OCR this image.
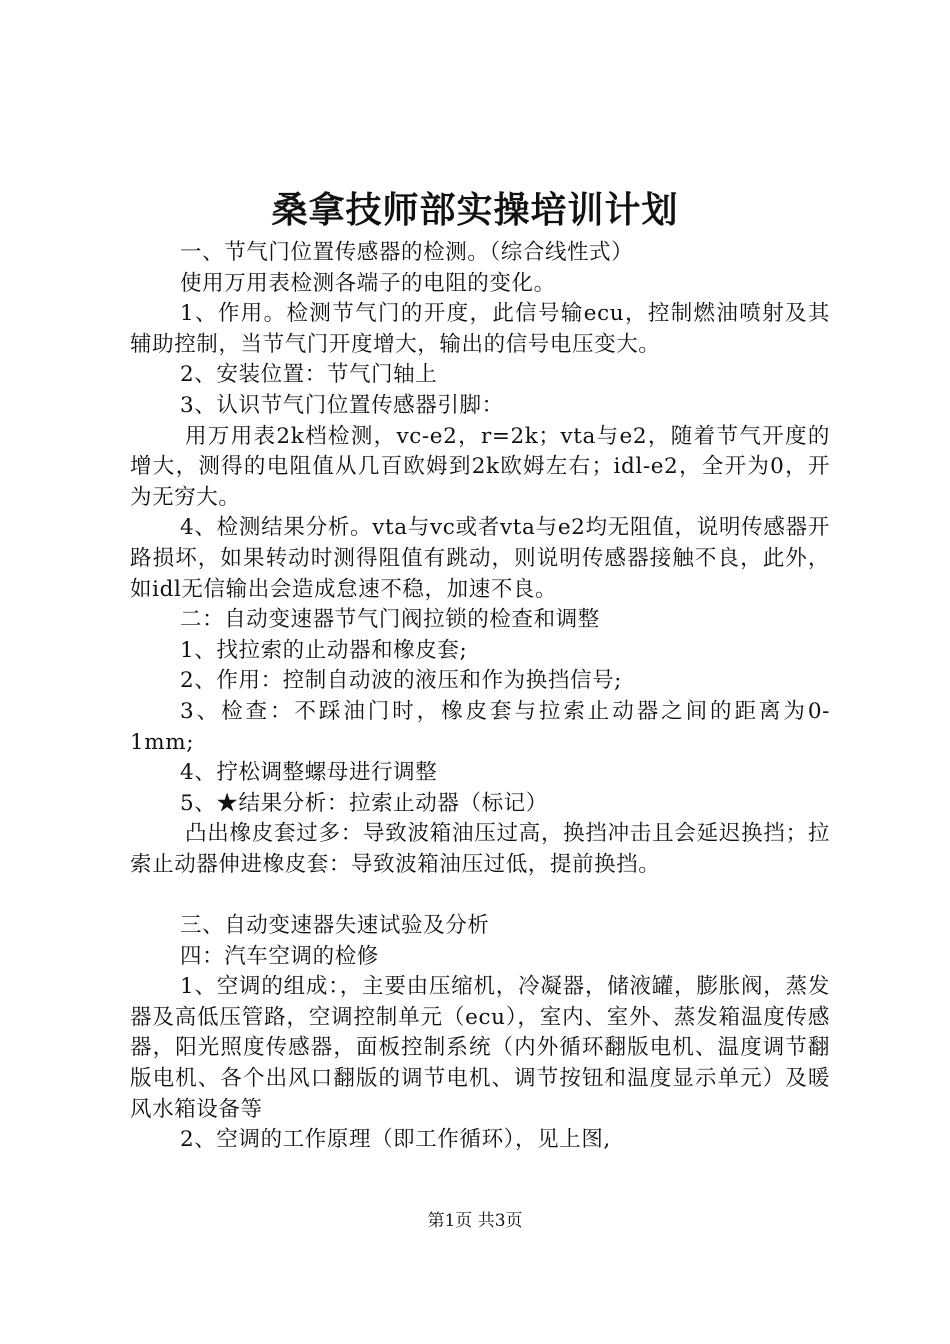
桑拿技师部实操培训计划

一、节气门位置传感器的检测。（综合线性式）

使用万用表检测各端子的电阻的变化。

1、作用。检测节气门的开度，此信号输ecu，控制燃油喷射及其辅助控制，当节气门开度增大，输出的信号电压变大。

2、安装位置：节气门轴上

3、认识节气门位置传感器引脚：

用万用表2k档检测，vc-e2，r=2k；vta与e2，随着节气开度的增大，测得的电阻值从几百欧姆到2k欧姆左右；idl-e2，全开为0，开为无穷大。

4、检测结果分析。vta与vc或者vta与e2均无阻值，说明传感器开路损坏，如果转动时测得阻值有跳动，则说明传感器接触不良，此外，如idl无信输出会造成怠速不稳，加速不良。

二：自动变速器节气门阀拉锁的检查和调整

1、找拉索的止动器和橡皮套;

2、作用：控制自动波的液压和作为换挡信号;

3、检查：不踩油门时，橡皮套与拉索止动器之间的距离为0-1mm;

4、拧松调整螺母进行调整

5、★结果分析：拉索止动器（标记）

凸出橡皮套过多：导致波箱油压过高，换挡冲击且会延迟换挡；拉索止动器伸进橡皮套：导致波箱油压过低，提前换挡。

三、自动变速器失速试验及分析

四：汽车空调的检修

1、空调的组成：，主要由压缩机，冷凝器，储液罐，膨胀阀，蒸发器及高低压管路，空调控制单元（ecu），室内、室外、蒸发箱温度传感器，阳光照度传感器，面板控制系统（内外循环翻版电机、温度调节翻版电机、各个出风口翻版的调节电机、调节按钮和温度显示单元）及暖风水箱设备等

2、空调的工作原理（即工作循环），见上图,

第1页 共3页
